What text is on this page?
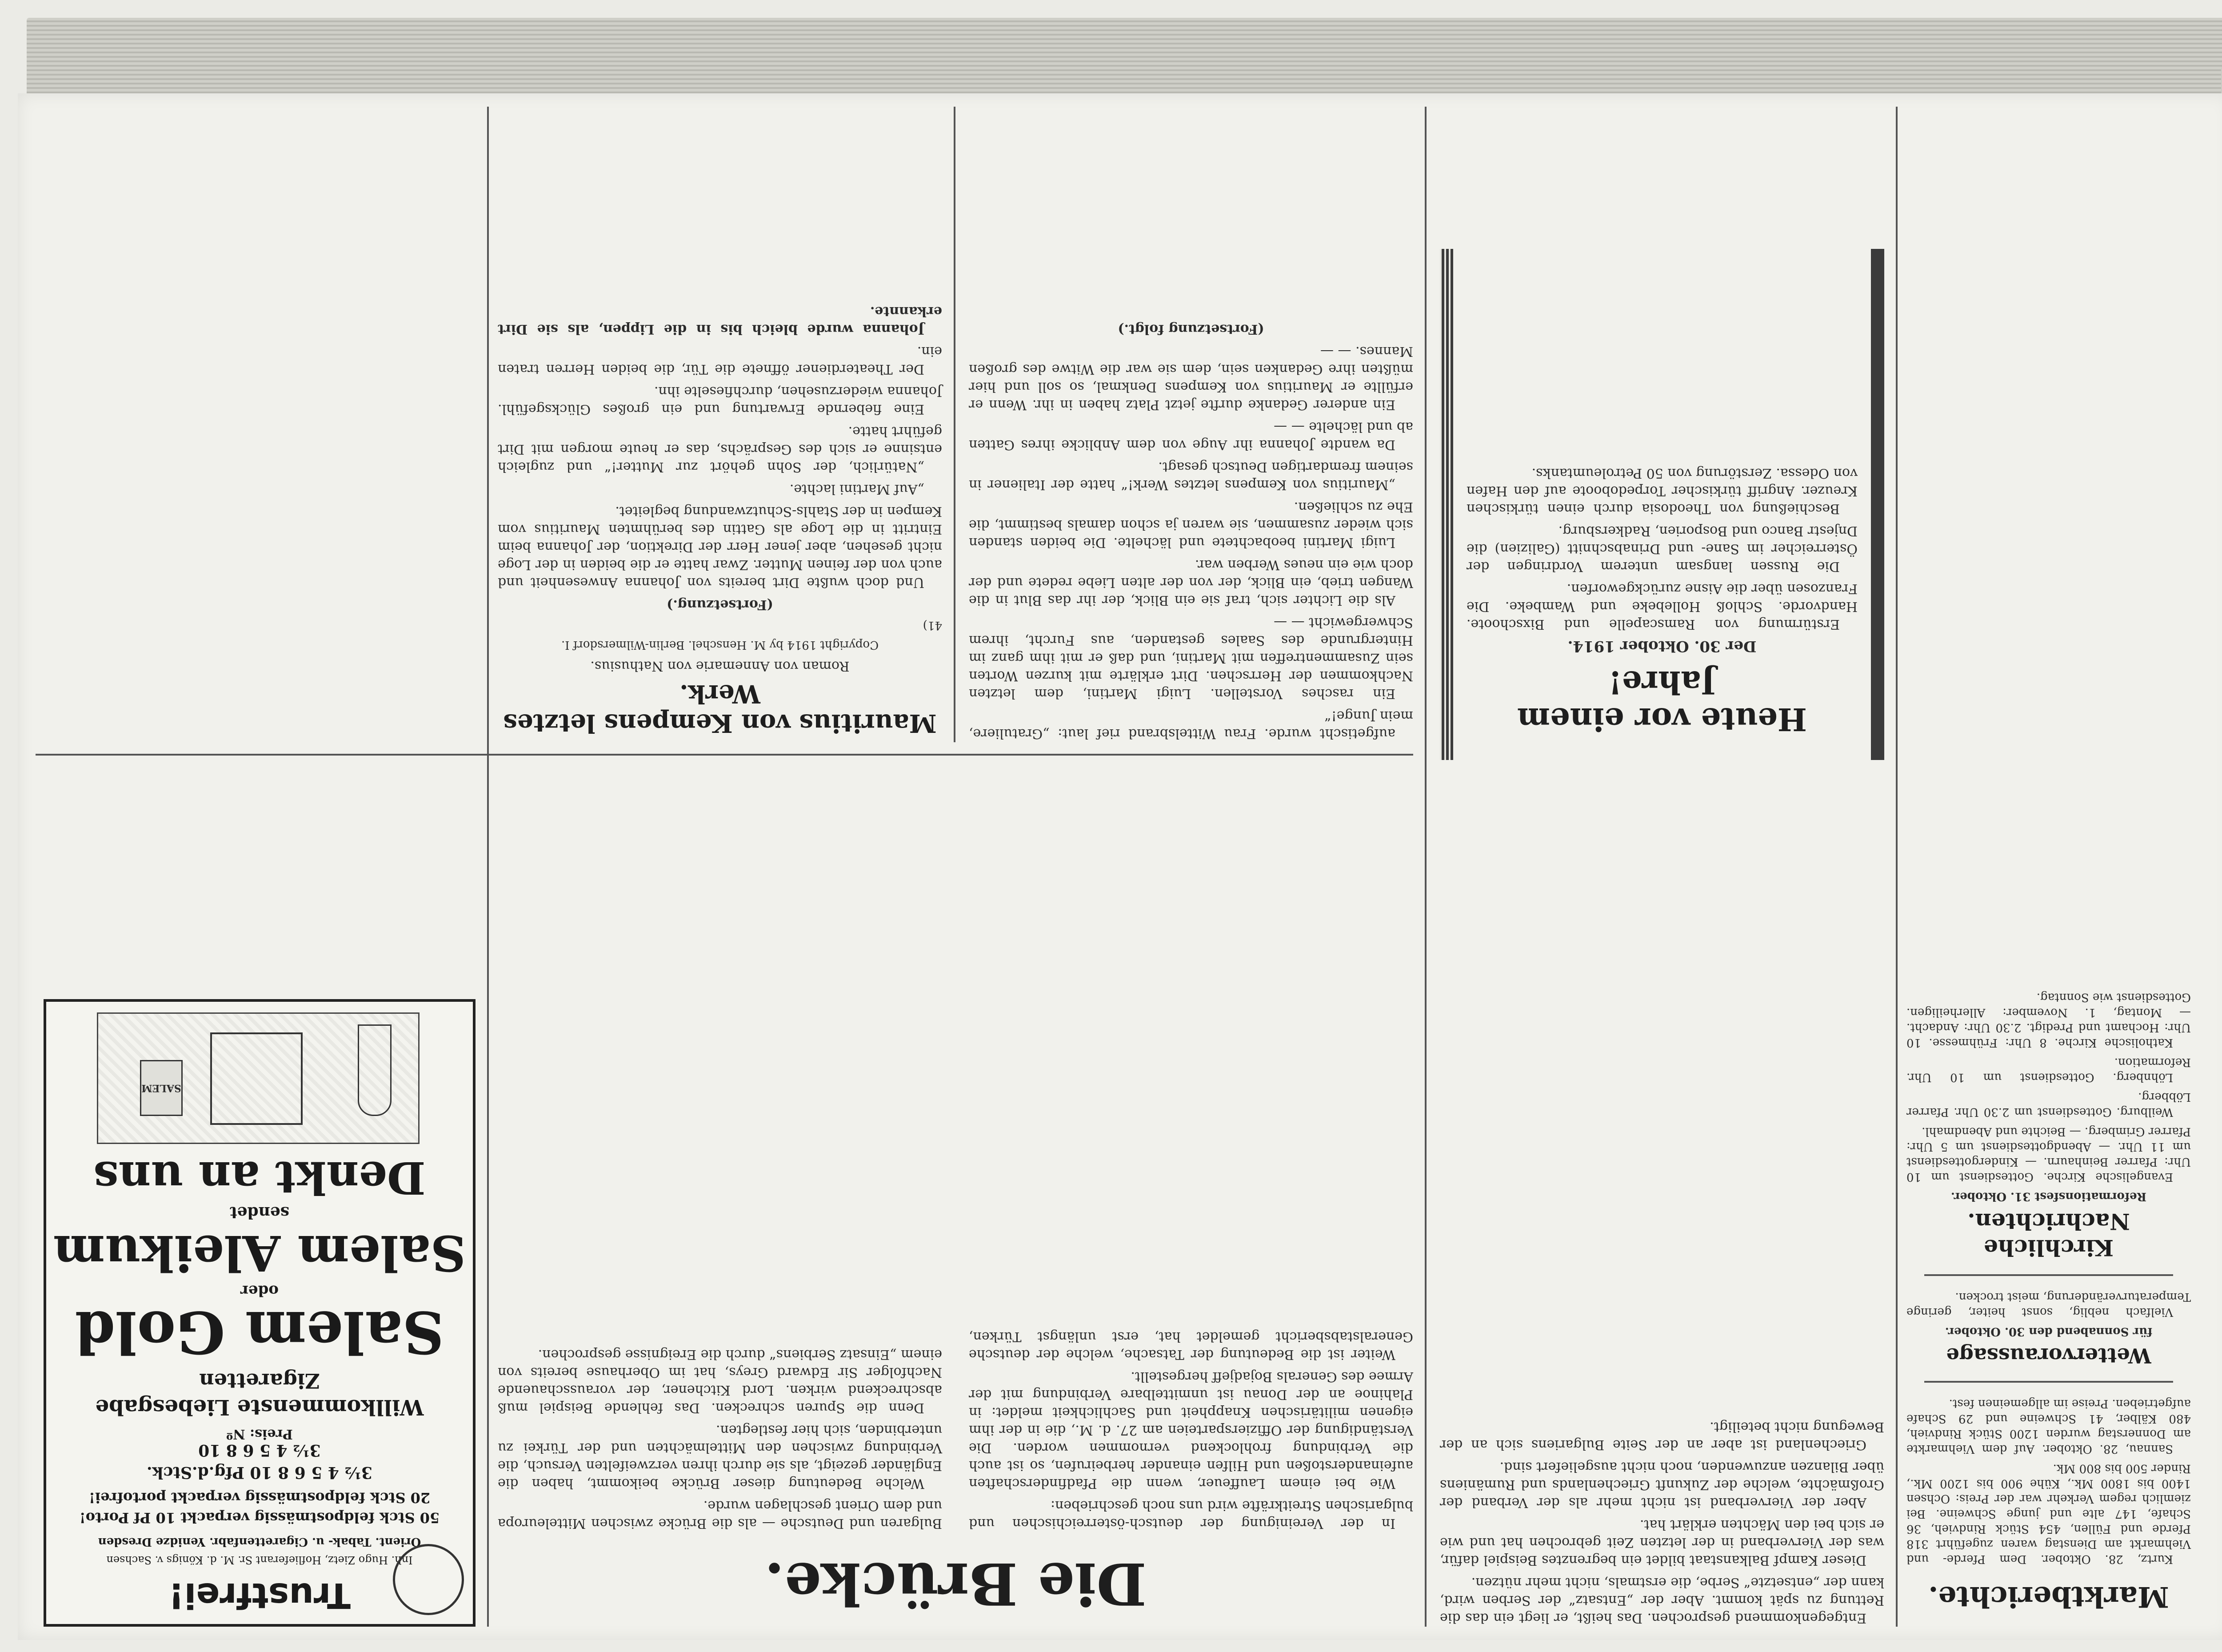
Marktberichte.

Kurtz, 28. Oktober. Dem Pferde- und Viehmarkt am Dienstag waren zugeführt 318 Pferde und Füllen, 454 Stück Rindvieh, 36 Schafe, 147 alte und junge Schweine. Bei ziemlich regem Verkehr war der Preis: Ochsen 1400 bis 1800 Mk., Kühe 900 bis 1200 Mk., Rinder 500 bis 800 Mk.

Sannau, 28. Oktober. Auf dem Viehmarkte am Donnerstag wurden 1200 Stück Rindvieh, 480 Kälber, 41 Schweine und 29 Schafe aufgetrieben. Preise im allgemeinen fest.

Wettervoraussage
für Sonnabend den 30. Oktober.

Vielfach neblig, sonst heiter, geringe Temperaturveränderung, meist trocken.

Kirchliche Nachrichten.
Reformationsfest 31. Oktober.

Evangelische Kirche. Gottesdienst um 10 Uhr: Pfarrer Beinhaurn. — Kindergottesdienst um 11 Uhr. — Abendgottesdienst um 5 Uhr: Pfarrer Grimberg. — Beichte und Abendmahl.

Weilburg. Gottesdienst um 2.30 Uhr. Pfarrer Löbberg.

Löhnberg. Gottesdienst um 10 Uhr. Reformation.

Katholische Kirche. 8 Uhr: Frühmesse. 10 Uhr: Hochamt und Predigt. 2.30 Uhr: Andacht. — Montag, 1. November: Allerheiligen. Gottesdienst wie Sonntag.

Entgegenkommend gesprochen. Das heißt, er liegt ein das die Rettung zu spät kommt. Aber der „Entsatz“ der Serben wird, kann der „entsetzte“ Serbe, die erstmals, nicht mehr nützen.

Dieser Kampf Balkanstaat bildet ein begrenztes Beispiel dafür, was der Vierverband in der letzten Zeit gebrochen hat und wie er sich bei den Mächten erklärt hat.

Aber der Vierverband ist nicht mehr als der Verband der Großmächte, welche der Zukunft Griechenlands und Rumäniens über Bilanzen anzuwenden, noch nicht ausgeliefert sind.

Griechenland ist aber an der Seite Bulgariens sich an der Bewegung nicht beteiligt.

Heute vor einem Jahre!
Der 30. Oktober 1914.

Erstürmung von Ramscapelle und Bixschoote. Handvorde. Schloß Hollebeke und Wambeke. Die Franzosen über die Aisne zurückgeworfen.

Die Russen langsam unterem Vordringen der Österreicher im Sane- und Drinabschnitt (Galizien) die Dnjestr Banco und Bosporien, Radkersburg.

Beschießung von Theodosia durch einen türkischen Kreuzer. Angriff türkischer Torpedoboote auf den Hafen von Odessa. Zerstörung von 50 Petroleumtanks.

Die Brücke.

In der Vereinigung der deutsch-österreichischen und bulgarischen Streitkräfte wird uns noch geschrieben:

Wie bei einem Lauffeuer, wenn die Pfadfinderschaften aufeinanderstoßen und Hilfen einander herbeirufen, so ist auch die Verbindung frohlockend vernommen worden. Die Verständigung der Offiziersparteien am 27. d. M., die in der ihm eigenen militärischen Knappheit und Sachlichkeit meldet: in Plahinoe an der Donau ist unmittelbare Verbindung mit der Armee des Generals Bojadjeff hergestellt.

Weiter ist die Bedeutung der Tatsache, welche der deutsche Generalstabsbericht gemeldet hat, erst unlängst Türken, Bulgaren und Deutsche — als die Brücke zwischen Mitteleuropa und dem Orient geschlagen wurde.

Welche Bedeutung dieser Brücke beikommt, haben die Engländer gezeigt, als sie durch ihren verzweifelten Versuch, die Verbindung zwischen den Mittelmächten und der Türkei zu unterbinden, sich hier festlegten.

Denn die Spuren schrecken. Das fehlende Beispiel muß abschreckend wirken. Lord Kitchener, der vorausschauende Nachfolger Sir Edward Greys, hat im Oberhause bereits von einem „Einsatz Serbiens“ durch die Ereignisse gesprochen.

aufgetischt wurde. Frau Wittelsbrand rief laut: „Gratuliere, mein Junge!“

Ein rasches Vorstellen. Luigi Martini, dem letzten Nachkommen der Herrschen. Dirt erklärte mit kurzen Worten sein Zusammentreffen mit Martini, und daß er mit ihm ganz im Hintergrunde des Saales gestanden, aus Furcht, ihrem Schwergewicht — —

Als die Lichter sich, traf sie ein Blick, der ihr das Blut in die Wangen trieb, ein Blick, der von der alten Liebe redete und der doch wie ein neues Werben war.

Luigi Martini beobachtete und lächelte. Die beiden standen sich wieder zusammen, sie waren ja schon damals bestimmt, die Ehe zu schließen.

„Mauritius von Kempens letztes Werk!“ hatte der Italiener in seinem fremdartigen Deutsch gesagt.

Da wandte Johanna ihr Auge von dem Anblicke ihres Gatten ab und lächelte — —

Ein anderer Gedanke durfte jetzt Platz haben in ihr. Wenn er erfüllte er Mauritius von Kempens Denkmal, so soll und hier müßten ihre Gedanken sein, dem sie war die Witwe des großen Mannes. — —

(Fortsetzung folgt.)
Mauritius von Kempens letztes Werk.
Roman von Annemarie von Nathusius.
Copyright 1914 by M. Henschel. Berlin-Wilmersdorf I.
41)
(Fortsetzung.)

Und doch wußte Dirt bereits von Johanna Anwesenheit und auch von der feinen Mutter. Zwar hatte er die beiden in der Loge nicht gesehen, aber jener Herr der Direktion, der Johanna beim Eintritt in die Loge als Gattin des berühmten Mauritius vom Kempen in der Stahls-Schutzwandung begleitet.

„Auf Martini lachte.

„Natürlich, der Sohn gehört zur Mutter!“ und zugleich entsinne er sich des Gesprächs, das er heute morgen mit Dirt geführt hatte.

Eine fiebernde Erwartung und ein großes Glücksgefühl. Johanna wiederzusehen, durchfieselte ihn.

Der Theaterdiener öffnete die Tür, die beiden Herren traten ein.

Johanna wurde bleich bis in die Lippen, als sie Dirt erkannte.

Trustfrei!
Inh. Hugo Zietz, Hoflieferant Sr. M. d. Königs v. Sachsen
Orient. Tabak- u. Cigarettenfabr. Yenidze Dresden
50 Stck feldpostmässig verpackt 10 Pf Porto!
20 Stck feldpostmässig verpackt portofrei!
3½ 4 5 6 8 10 Pfg.d.Stck.
3½ 4 5 6 8 10
Preis: Nº
Willkommenste Liebesgabe
Zigaretten
Salem Gold
oder
Salem Aleikum
sendet
Denkt an uns
SALEM
